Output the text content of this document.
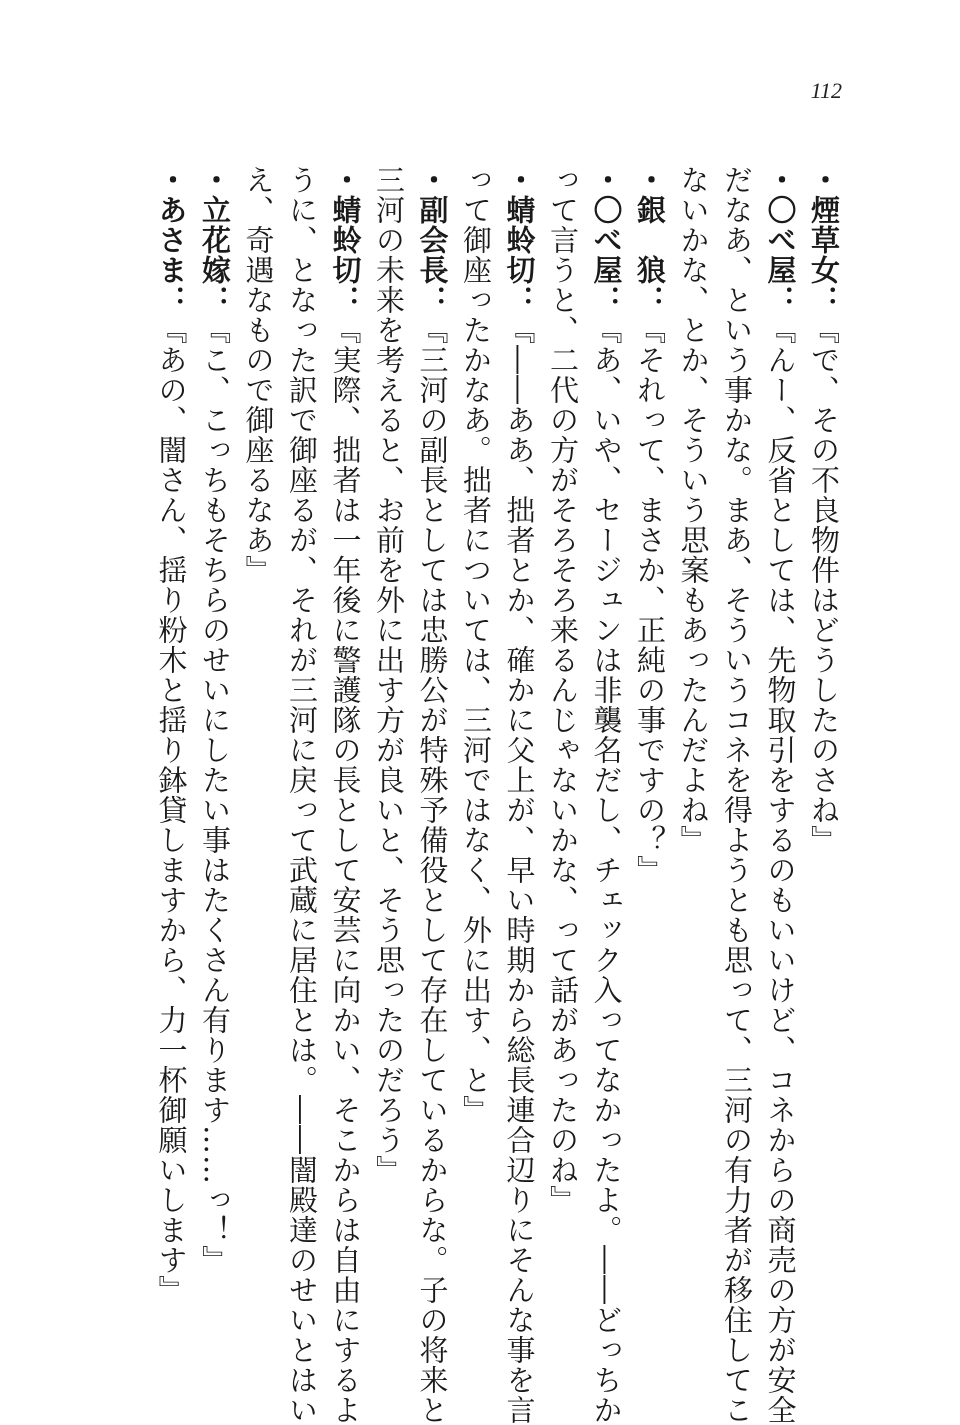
112
・煙草女：『で、その不良物件はどうしたのさね』
・〇べ屋：『んー、反省としては、先物取引をするのもいいけど、コネからの商売の方が安全
だなあ、という事かな。まあ、そういうコネを得ようとも思って、三河の有力者が移住してこ
ないかな、とか、そういう思案もあったんだよね』
・銀　狼：『それって、まさか、正純の事ですの？』
・〇べ屋：『あ、いや、セージュンは非襲名だし、チェック入ってなかったよ。――どっちか
って言うと、二代の方がそろそろ来るんじゃないかな、って話があったのね』
・蜻蛉切：『――ああ、拙者とか、確かに父上が、早い時期から総長連合辺りにそんな事を言
って御座ったかなあ。拙者については、三河ではなく、外に出す、と』
・副会長：『三河の副長としては忠勝公が特殊予備役として存在しているからな。子の将来と
三河の未来を考えると、お前を外に出す方が良いと、そう思ったのだろう』
・蜻蛉切：『実際、拙者は一年後に警護隊の長として安芸に向かい、そこからは自由にするよ
うに、となった訳で御座るが、それが三河に戻って武蔵に居住とは。――闇殿達のせいとはい
え、奇遇なもので御座るなあ』
・立花嫁：『こ、こっちもそちらのせいにしたい事はたくさん有ります……っ！』
・あさま：『あの、闇さん、揺り粉木と揺り鉢貸しますから、力一杯御願いします』
